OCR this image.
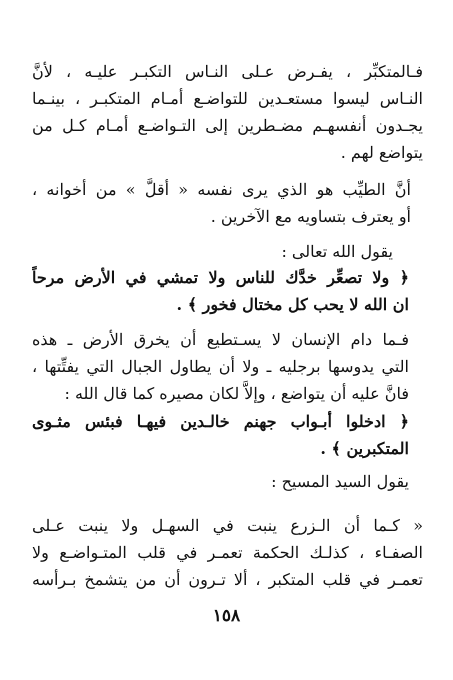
فـالمتكبِّر ، يفـرض عـلى النـاس التكبـر عليـه ، لأنَّ
النـاس ليسوا مستعـدين للتواضـع أمـام المتكبـر ، بينـما
يجـدون أنفسهـم مضـطرين إلى التـواضـع أمـام كـل من
يتواضع لهم .

أنَّ الطيِّب هو الذي يرى نفسه « أقلَّ » من أخوانه ،
أو يعترف بتساويه مع الآخرين .

يقول الله تعالى :

﴿ ولا تصعِّر خدَّك للناس ولا تمشي في الأرض مرحاً
ان الله لا يحب كل مختال فخور ﴾ .

فـما دام الإنسان لا يسـتطيع أن يخرق الأرض ـ هذه
التي يدوسها برجليه ـ ولا أن يطاول الجبال التي يفتِّتها ،
فانَّ عليه أن يتواضع ، وإلاَّ لكان مصيره كما قال الله :

﴿ ادخلوا أبـواب جهنم خالـدين فيهـا فبئس مثـوى
المتكبرين ﴾ .

يقول السيد المسيح :

« كـما أن الـزرع ينبت في السهـل ولا ينبت عـلى
الصفـاء ، كذلـك الحكمة تعمـر في قلب المتـواضـع ولا
تعمـر في قلب المتكبر ، ألا تـرون أن من يتشمخ بـرأسه

١٥٨
